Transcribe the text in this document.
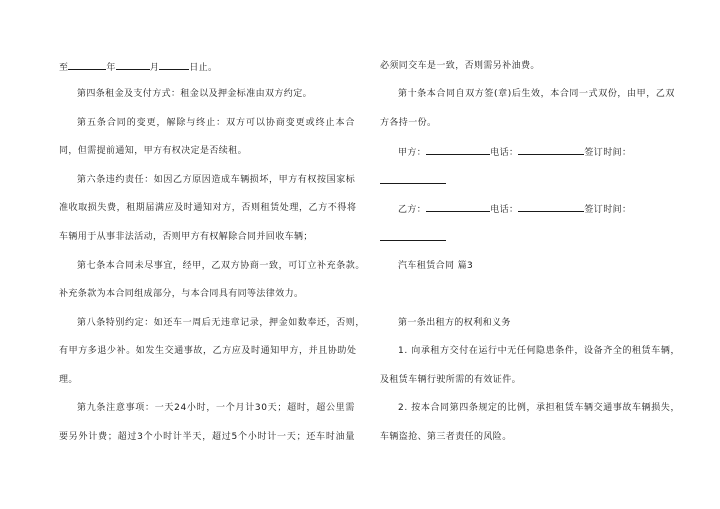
至	年	月	日止。
第四条租金及支付方式：租金以及押金标准由双方约定。
第五条合同的变更，解除与终止：双方可以协商变更或终止本合
同，但需提前通知，甲方有权决定是否续租。
第六条违约责任：如因乙方原因造成车辆损坏，甲方有权按国家标
准收取损失费，租期届满应及时通知对方，否则租赁处理，乙方不得将
车辆用于从事非法活动，否则甲方有权解除合同并回收车辆；
第七条本合同未尽事宜，经甲，乙双方协商一致，可订立补充条款。
补充条款为本合同组成部分，与本合同具有同等法律效力。
第八条特别约定：如还车一周后无违章记录，押金如数奉还，否则，
有甲方多退少补。如发生交通事故，乙方应及时通知甲方，并且协助处
理。
第九条注意事项：一天24小时，一个月计30天；超时，超公里需
要另外计费；超过3个小时计半天，超过5个小时计一天；还车时油量
必须同交车是一致，否则需另补油费。
第十条本合同自双方签(章)后生效，本合同一式双份，由甲，乙双
方各持一份。
甲方：	电话：	签订时间：
乙方：	电话：	签订时间：
汽车租赁合同 篇3
第一条出租方的权利和义务
1. 向承租方交付在运行中无任何隐患条件，设备齐全的租赁车辆，
及租赁车辆行驶所需的有效证件。
2. 按本合同第四条规定的比例，承担租赁车辆交通事故车辆损失，
车辆盗抢、第三者责任的风险。
